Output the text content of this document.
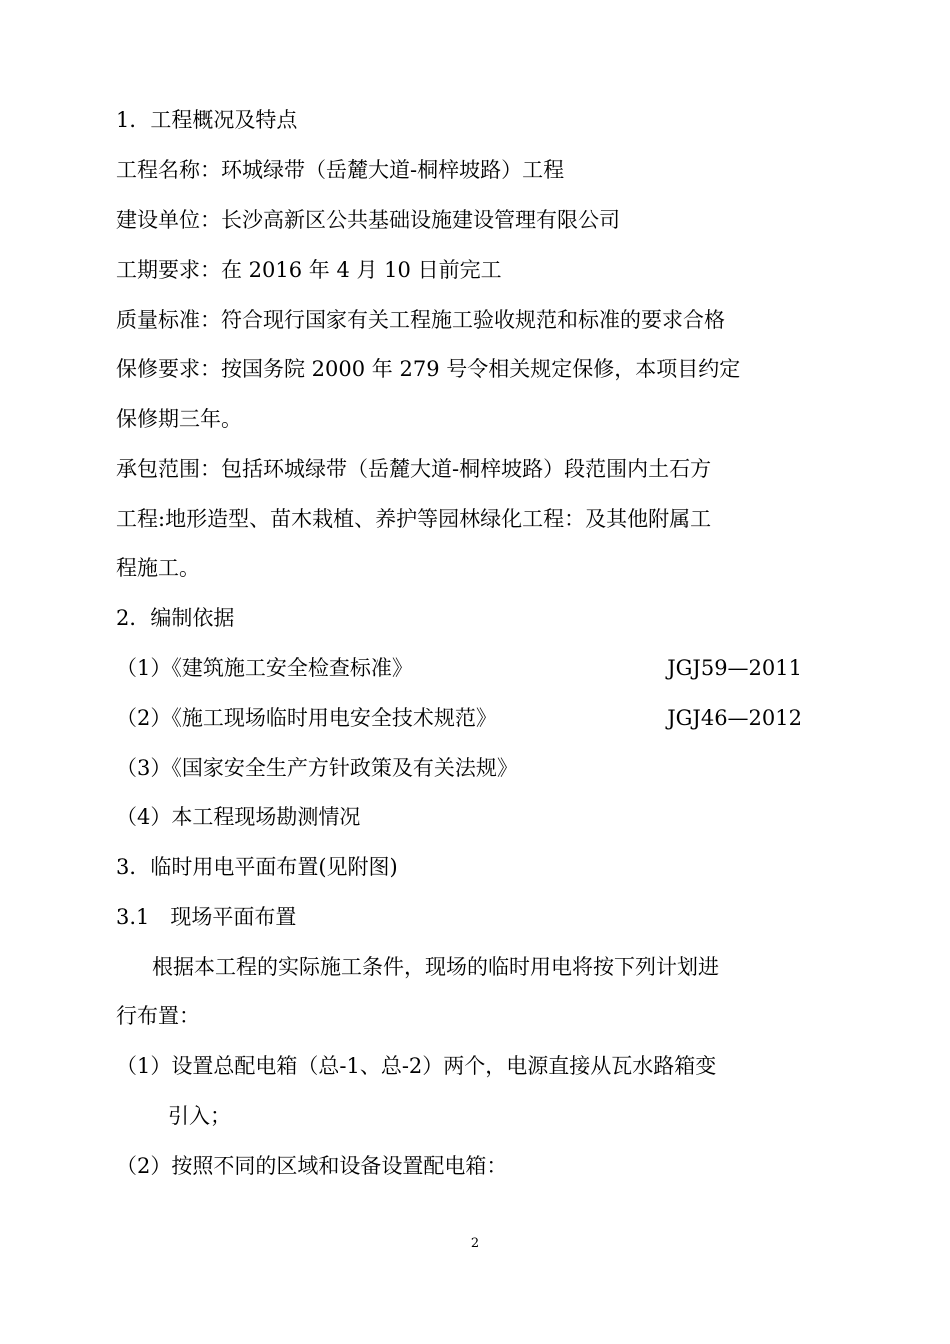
1．工程概况及特点
工程名称：环城绿带（岳麓大道-桐梓坡路）工程
建设单位：长沙高新区公共基础设施建设管理有限公司
工期要求：在 2016 年 4 月 10 日前完工
质量标准：符合现行国家有关工程施工验收规范和标准的要求合格
保修要求：按国务院 2000 年 279 号令相关规定保修，本项目约定
保修期三年。
承包范围：包括环城绿带（岳麓大道-桐梓坡路）段范围内土石方
工程:地形造型、苗木栽植、养护等园林绿化工程：及其他附属工
程施工。
2．编制依据
（1）《建筑施工安全检查标准》	JGJ59—2011
（2）《施工现场临时用电安全技术规范》	JGJ46—2012
（3）《国家安全生产方针政策及有关法规》
（4）本工程现场勘测情况
3．临时用电平面布置(见附图)
3.1　现场平面布置
根据本工程的实际施工条件，现场的临时用电将按下列计划进
行布置：
（1）设置总配电箱（总-1、总-2）两个，电源直接从瓦水路箱变
引入；
（2）按照不同的区域和设备设置配电箱：
2
